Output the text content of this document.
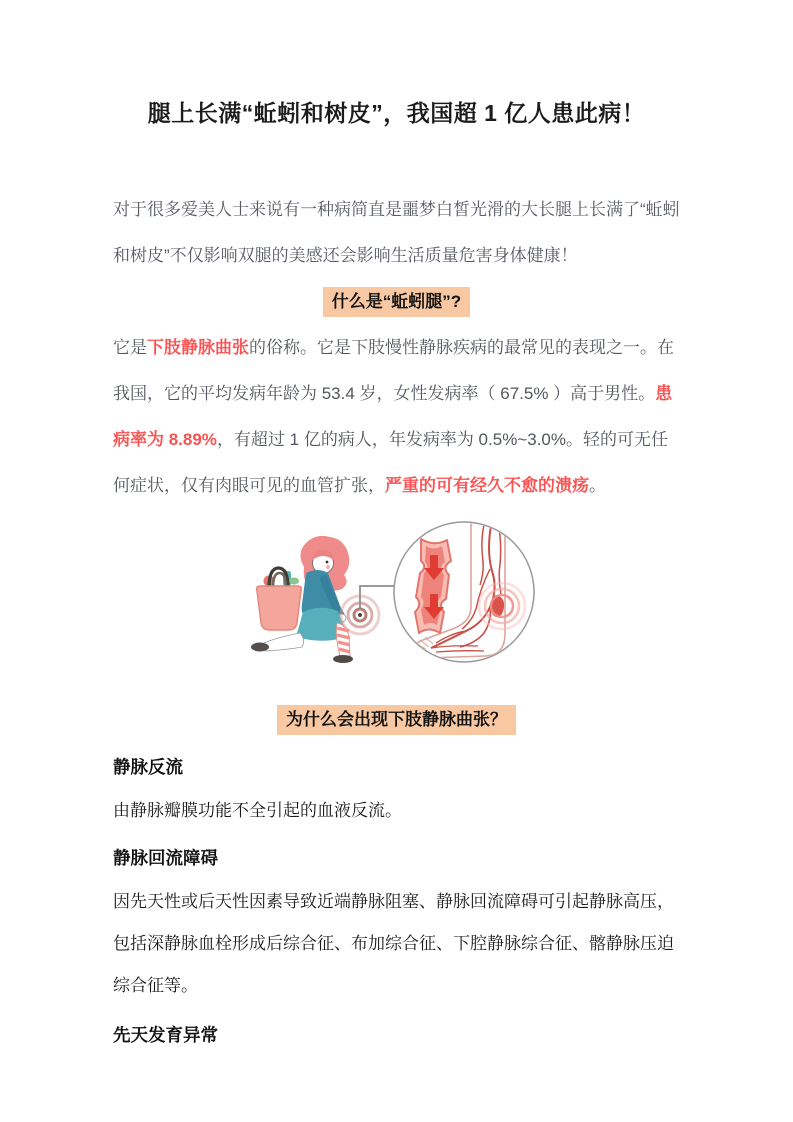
腿上长满“蚯蚓和树皮”，我国超 1 亿人患此病！

对于很多爱美人士来说有一种病简直是噩梦白皙光滑的大长腿上长满了“蚯蚓和树皮”不仅影响双腿的美感还会影响生活质量危害身体健康！

什么是“蚯蚓腿”?

它是下肢静脉曲张的俗称。它是下肢慢性静脉疾病的最常见的表现之一。在我国，它的平均发病年龄为 53.4 岁，女性发病率（ 67.5% ）高于男性。患病率为 8.89%，有超过 1 亿的病人，年发病率为 0.5%~3.0%。轻的可无任何症状，仅有肉眼可见的血管扩张，严重的可有经久不愈的溃疡。

为什么会出现下肢静脉曲张？
静脉反流

由静脉瓣膜功能不全引起的血液反流。

静脉回流障碍

因先天性或后天性因素导致近端静脉阻塞、静脉回流障碍可引起静脉高压，包括深静脉血栓形成后综合征、布加综合征、下腔静脉综合征、髂静脉压迫综合征等。

先天发育异常
